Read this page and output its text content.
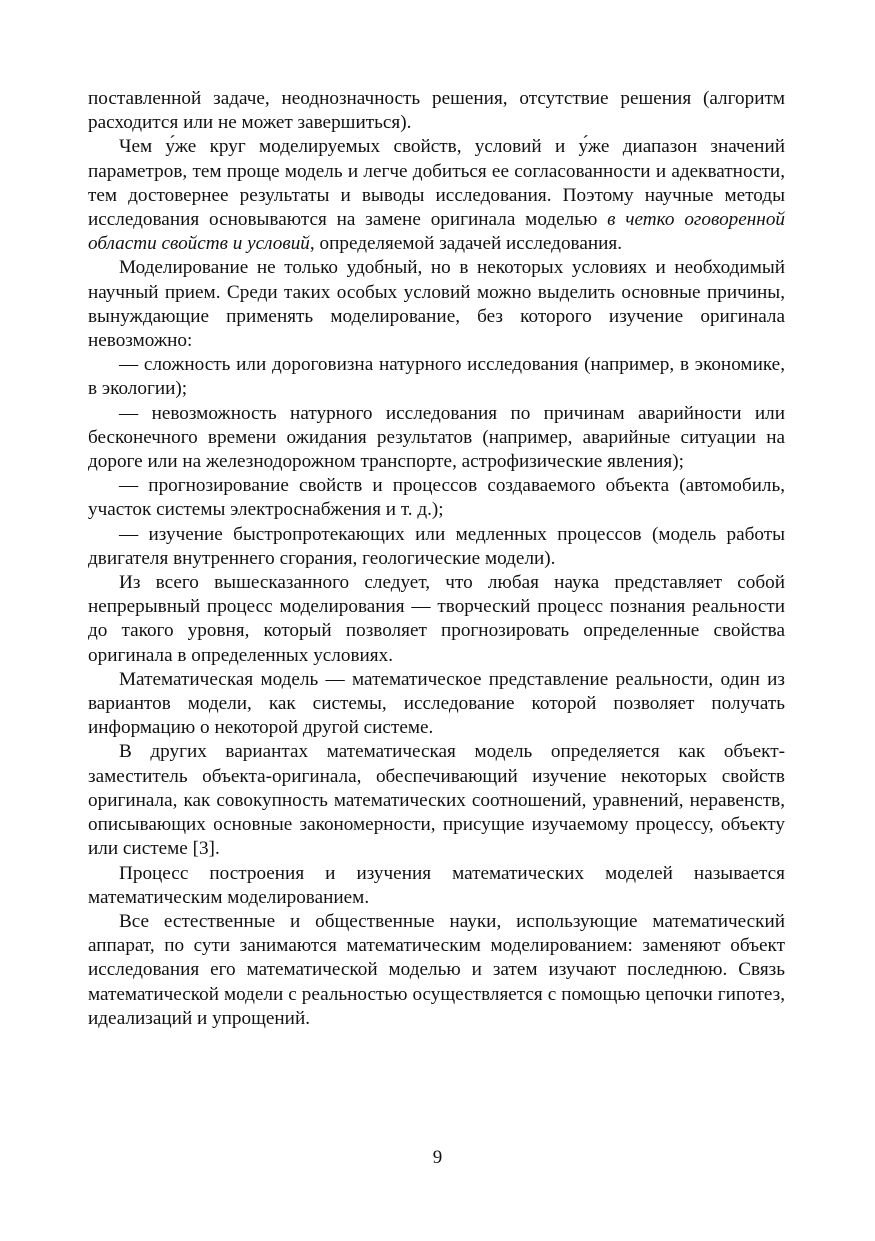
поставленной задаче, неоднозначность решения, отсутствие решения (алгоритм расходится или не может завершиться).

Чем у́же круг моделируемых свойств, условий и у́же диапазон значений параметров, тем проще модель и легче добиться ее согласованности и адекватности, тем достовернее результаты и выводы исследования. Поэтому научные методы исследования основываются на замене оригинала моделью в четко оговоренной области свойств и условий, определяемой задачей исследования.

Моделирование не только удобный, но в некоторых условиях и необходимый научный прием. Среди таких особых условий можно выделить основные причины, вынуждающие применять моделирование, без которого изучение оригинала невозможно:

— сложность или дороговизна натурного исследования (например, в экономике, в экологии);

— невозможность натурного исследования по причинам аварийности или бесконечного времени ожидания результатов (например, аварийные ситуации на дороге или на железнодорожном транспорте, астрофизические явления);

— прогнозирование свойств и процессов создаваемого объекта (автомобиль, участок системы электроснабжения и т. д.);

— изучение быстропротекающих или медленных процессов (модель работы двигателя внутреннего сгорания, геологические модели).

Из всего вышесказанного следует, что любая наука представляет собой непрерывный процесс моделирования — творческий процесс познания реальности до такого уровня, который позволяет прогнозировать определенные свойства оригинала в определенных условиях.

Математическая модель — математическое представление реальности, один из вариантов модели, как системы, исследование которой позволяет получать информацию о некоторой другой системе.

В других вариантах математическая модель определяется как объект-заместитель объекта-оригинала, обеспечивающий изучение некоторых свойств оригинала, как совокупность математических соотношений, уравнений, неравенств, описывающих основные закономерности, присущие изучаемому процессу, объекту или системе [3].

Процесс построения и изучения математических моделей называется математическим моделированием.

Все естественные и общественные науки, использующие математический аппарат, по сути занимаются математическим моделированием: заменяют объект исследования его математической моделью и затем изучают последнюю. Связь математической модели с реальностью осуществляется с помощью цепочки гипотез, идеализаций и упрощений.

9
